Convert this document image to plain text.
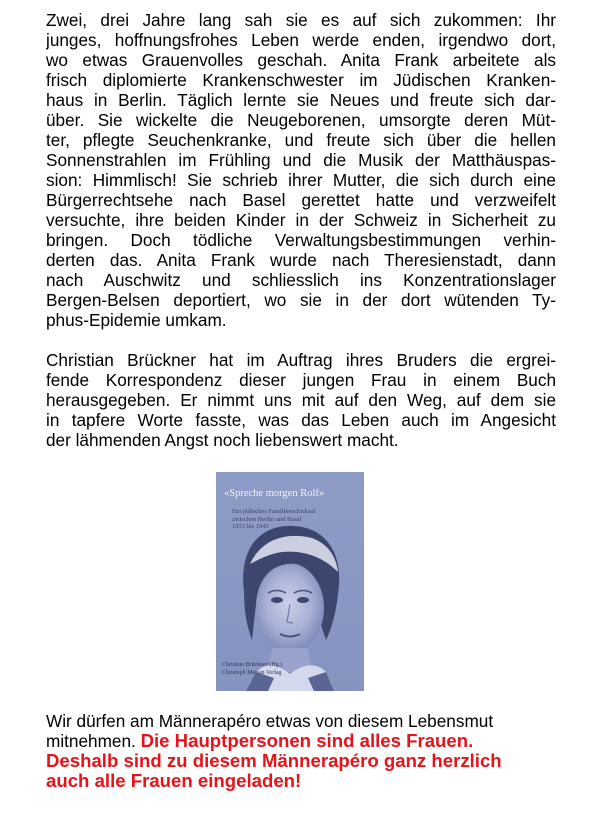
Zwei, drei Jahre lang sah sie es auf sich zukommen: Ihr
junges, hoffnungsfrohes Leben werde enden, irgendwo dort,
wo etwas Grauenvolles geschah. Anita Frank arbeitete als
frisch diplomierte Krankenschwester im Jüdischen Kranken-
haus in Berlin. Täglich lernte sie Neues und freute sich dar-
über. Sie wickelte die Neugeborenen, umsorgte deren Müt-
ter, pflegte Seuchenkranke, und freute sich über die hellen
Sonnenstrahlen im Frühling und die Musik der Matthäuspas-
sion: Himmlisch! Sie schrieb ihrer Mutter, die sich durch eine
Bürgerrechtsehe nach Basel gerettet hatte und verzweifelt
versuchte, ihre beiden Kinder in der Schweiz in Sicherheit zu
bringen. Doch tödliche Verwaltungsbestimmungen verhin-
derten das. Anita Frank wurde nach Theresienstadt, dann
nach Auschwitz und schliesslich ins Konzentrationslager
Bergen-Belsen deportiert, wo sie in der dort wütenden Ty-
phus-Epidemie umkam.
Christian Brückner hat im Auftrag ihres Bruders die ergrei-
fende Korrespondenz dieser jungen Frau in einem Buch
herausgegeben. Er nimmt uns mit auf den Weg, auf dem sie
in tapfere Worte fasste, was das Leben auch im Angesicht
der lähmenden Angst noch liebenswert macht.
«Spreche morgen Rolf»
Ein jüdisches Familienschicksal
zwischen Berlin und Basel
1933 bis 1945
Christian Brückner (Hg.)
Christoph Merian Verlag
Wir dürfen am Männerapéro etwas von diesem Lebensmut
mitnehmen. Die Hauptpersonen sind alles Frauen.
Deshalb sind zu diesem Männerapéro ganz herzlich
auch alle Frauen eingeladen!
